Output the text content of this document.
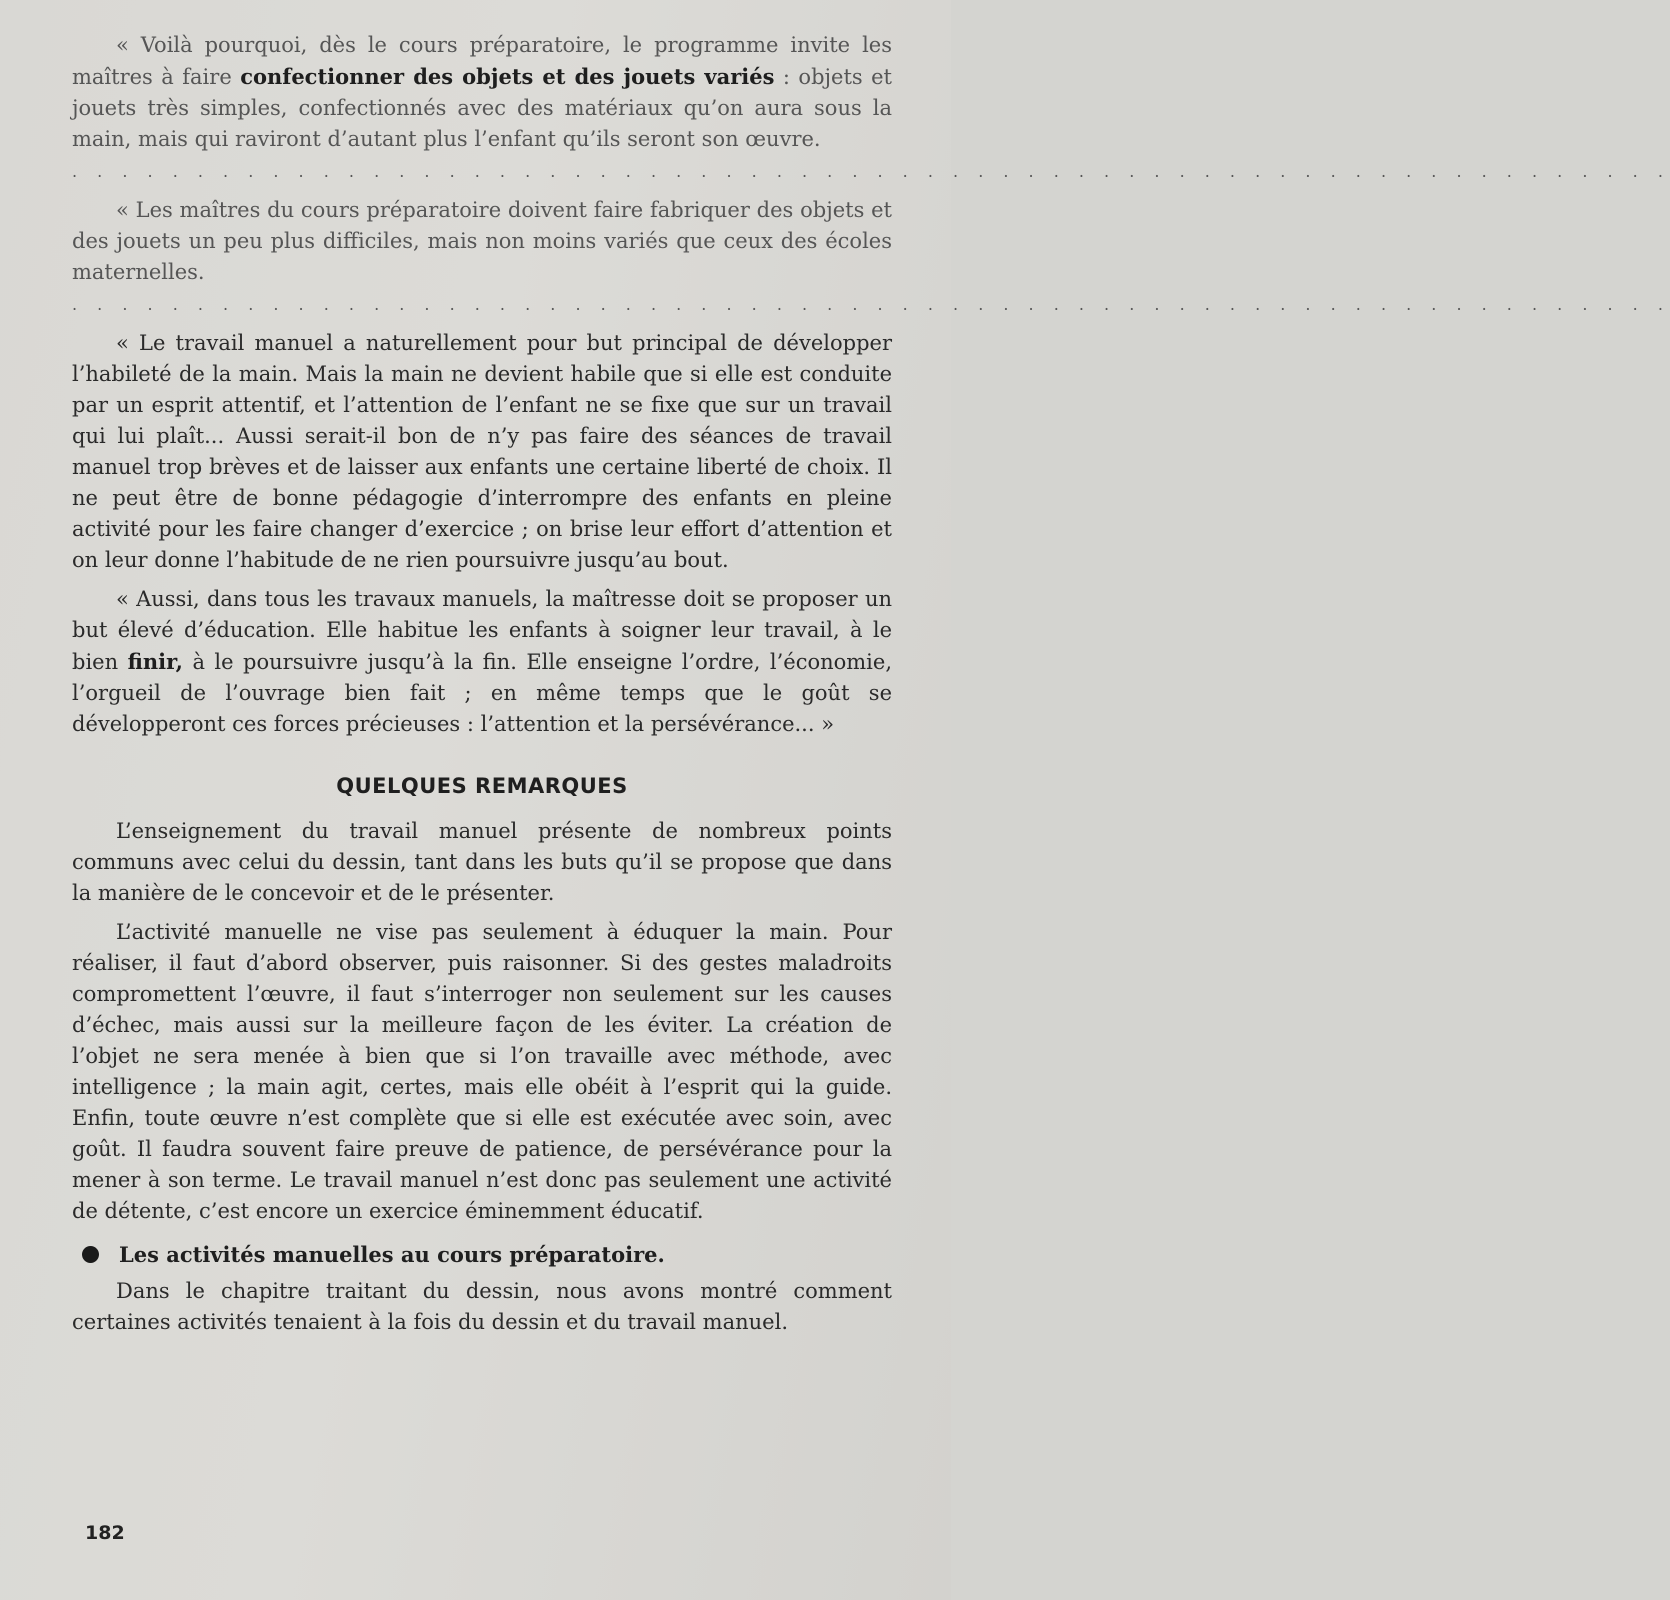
« Voilà pourquoi, dès le cours préparatoire, le programme invite les maîtres à faire confectionner des objets et des jouets variés : objets et jouets très simples, confectionnés avec des matériaux qu’on aura sous la main, mais qui raviront d’autant plus l’enfant qu’ils seront son œuvre.

. . . . . . . . . . . . . . . . . . . . . . . . . . . . . . . . . . . . . . . . . . . . . . . . . . . . . . . . . . . . . . . .

« Les maîtres du cours préparatoire doivent faire fabriquer des objets et des jouets un peu plus difficiles, mais non moins variés que ceux des écoles maternelles.

. . . . . . . . . . . . . . . . . . . . . . . . . . . . . . . . . . . . . . . . . . . . . . . . . . . . . . . . . . . . . . . .

« Le travail manuel a naturellement pour but principal de développer l’habileté de la main. Mais la main ne devient habile que si elle est conduite par un esprit attentif, et l’attention de l’enfant ne se fixe que sur un travail qui lui plaît... Aussi serait-il bon de n’y pas faire des séances de travail manuel trop brèves et de laisser aux enfants une certaine liberté de choix. Il ne peut être de bonne pédagogie d’interrompre des enfants en pleine activité pour les faire changer d’exercice ; on brise leur effort d’attention et on leur donne l’habitude de ne rien poursuivre jusqu’au bout.

« Aussi, dans tous les travaux manuels, la maîtresse doit se proposer un but élevé d’éducation. Elle habitue les enfants à soigner leur travail, à le bien finir, à le poursuivre jusqu’à la fin. Elle enseigne l’ordre, l’économie, l’orgueil de l’ouvrage bien fait ; en même temps que le goût se développeront ces forces précieuses : l’attention et la persévérance... »

QUELQUES REMARQUES

L’enseignement du travail manuel présente de nombreux points communs avec celui du dessin, tant dans les buts qu’il se propose que dans la manière de le concevoir et de le présenter.

L’activité manuelle ne vise pas seulement à éduquer la main. Pour réaliser, il faut d’abord observer, puis raisonner. Si des gestes maladroits compromettent l’œuvre, il faut s’interroger non seulement sur les causes d’échec, mais aussi sur la meilleure façon de les éviter. La création de l’objet ne sera menée à bien que si l’on travaille avec méthode, avec intelligence ; la main agit, certes, mais elle obéit à l’esprit qui la guide. Enfin, toute œuvre n’est complète que si elle est exécutée avec soin, avec goût. Il faudra souvent faire preuve de patience, de persévérance pour la mener à son terme. Le travail manuel n’est donc pas seulement une activité de détente, c’est encore un exercice éminemment éducatif.

Les activités manuelles au cours préparatoire.

Dans le chapitre traitant du dessin, nous avons montré comment certaines activités tenaient à la fois du dessin et du travail manuel.

182
